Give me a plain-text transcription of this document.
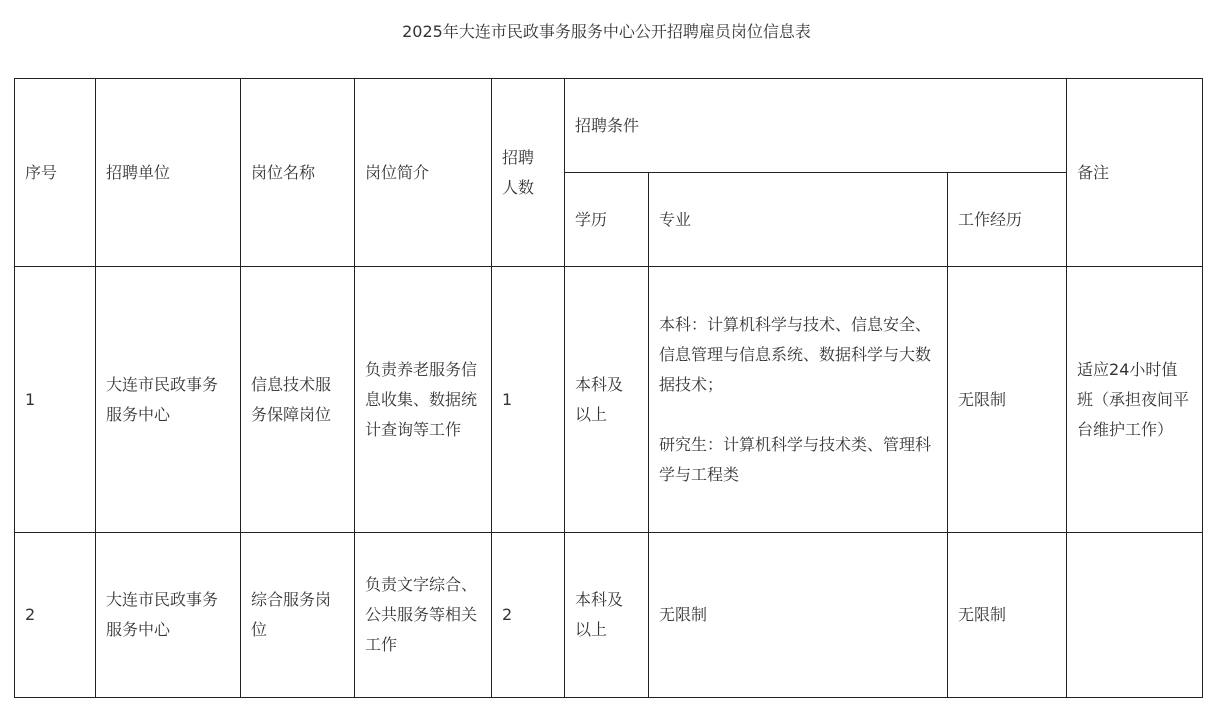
2025年大连市民政事务服务中心公开招聘雇员岗位信息表
序号	招聘单位	岗位名称	岗位简介	招聘
人数	招聘条件			备注
					学历	专业	工作经历	
1	大连市民政事务服务中心	信息技术服务保障岗位	负责养老服务信息收集、数据统计查询等工作	1	本科及以上	本科：计算机科学与技术、信息安全、信息管理与信息系统、数据科学与大数据技术；
研究生：计算机科学与技术类、管理科学与工程类	无限制	适应24小时值班（承担夜间平台维护工作）
2	大连市民政事务服务中心	综合服务岗位	负责文字综合、公共服务等相关工作	2	本科及以上	无限制	无限制	
